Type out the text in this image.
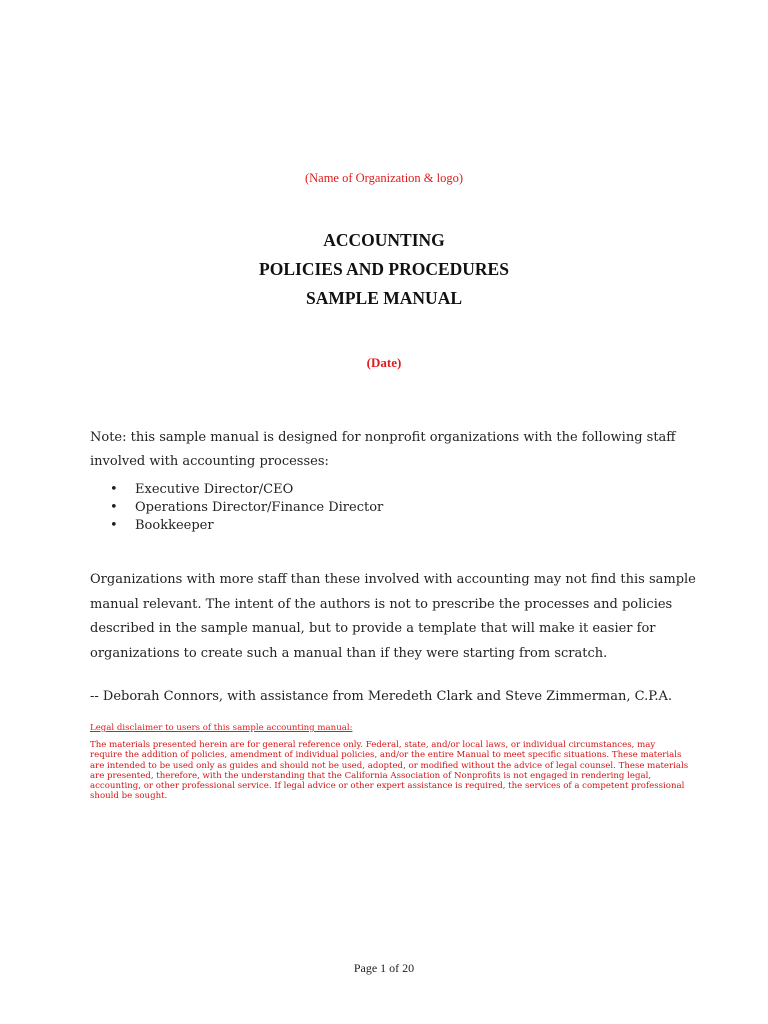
(Name of Organization & logo)
ACCOUNTING
POLICIES AND PROCEDURES
SAMPLE MANUAL
(Date)
Note: this sample manual is designed for nonprofit organizations with the following staff involved with accounting processes:
• Executive Director/CEO
• Operations Director/Finance Director
• Bookkeeper
Organizations with more staff than these involved with accounting may not find this sample manual relevant. The intent of the authors is not to prescribe the processes and policies described in the sample manual, but to provide a template that will make it easier for organizations to create such a manual than if they were starting from scratch.
-- Deborah Connors, with assistance from Meredeth Clark and Steve Zimmerman, C.P.A.
Legal disclaimer to users of this sample accounting manual:
The materials presented herein are for general reference only. Federal, state, and/or local laws, or individual circumstances, may require the addition of policies, amendment of individual policies, and/or the entire Manual to meet specific situations. These materials are intended to be used only as guides and should not be used, adopted, or modified without the advice of legal counsel. These materials are presented, therefore, with the understanding that the California Association of Nonprofits is not engaged in rendering legal, accounting, or other professional service. If legal advice or other expert assistance is required, the services of a competent professional should be sought.
Page 1 of 20
